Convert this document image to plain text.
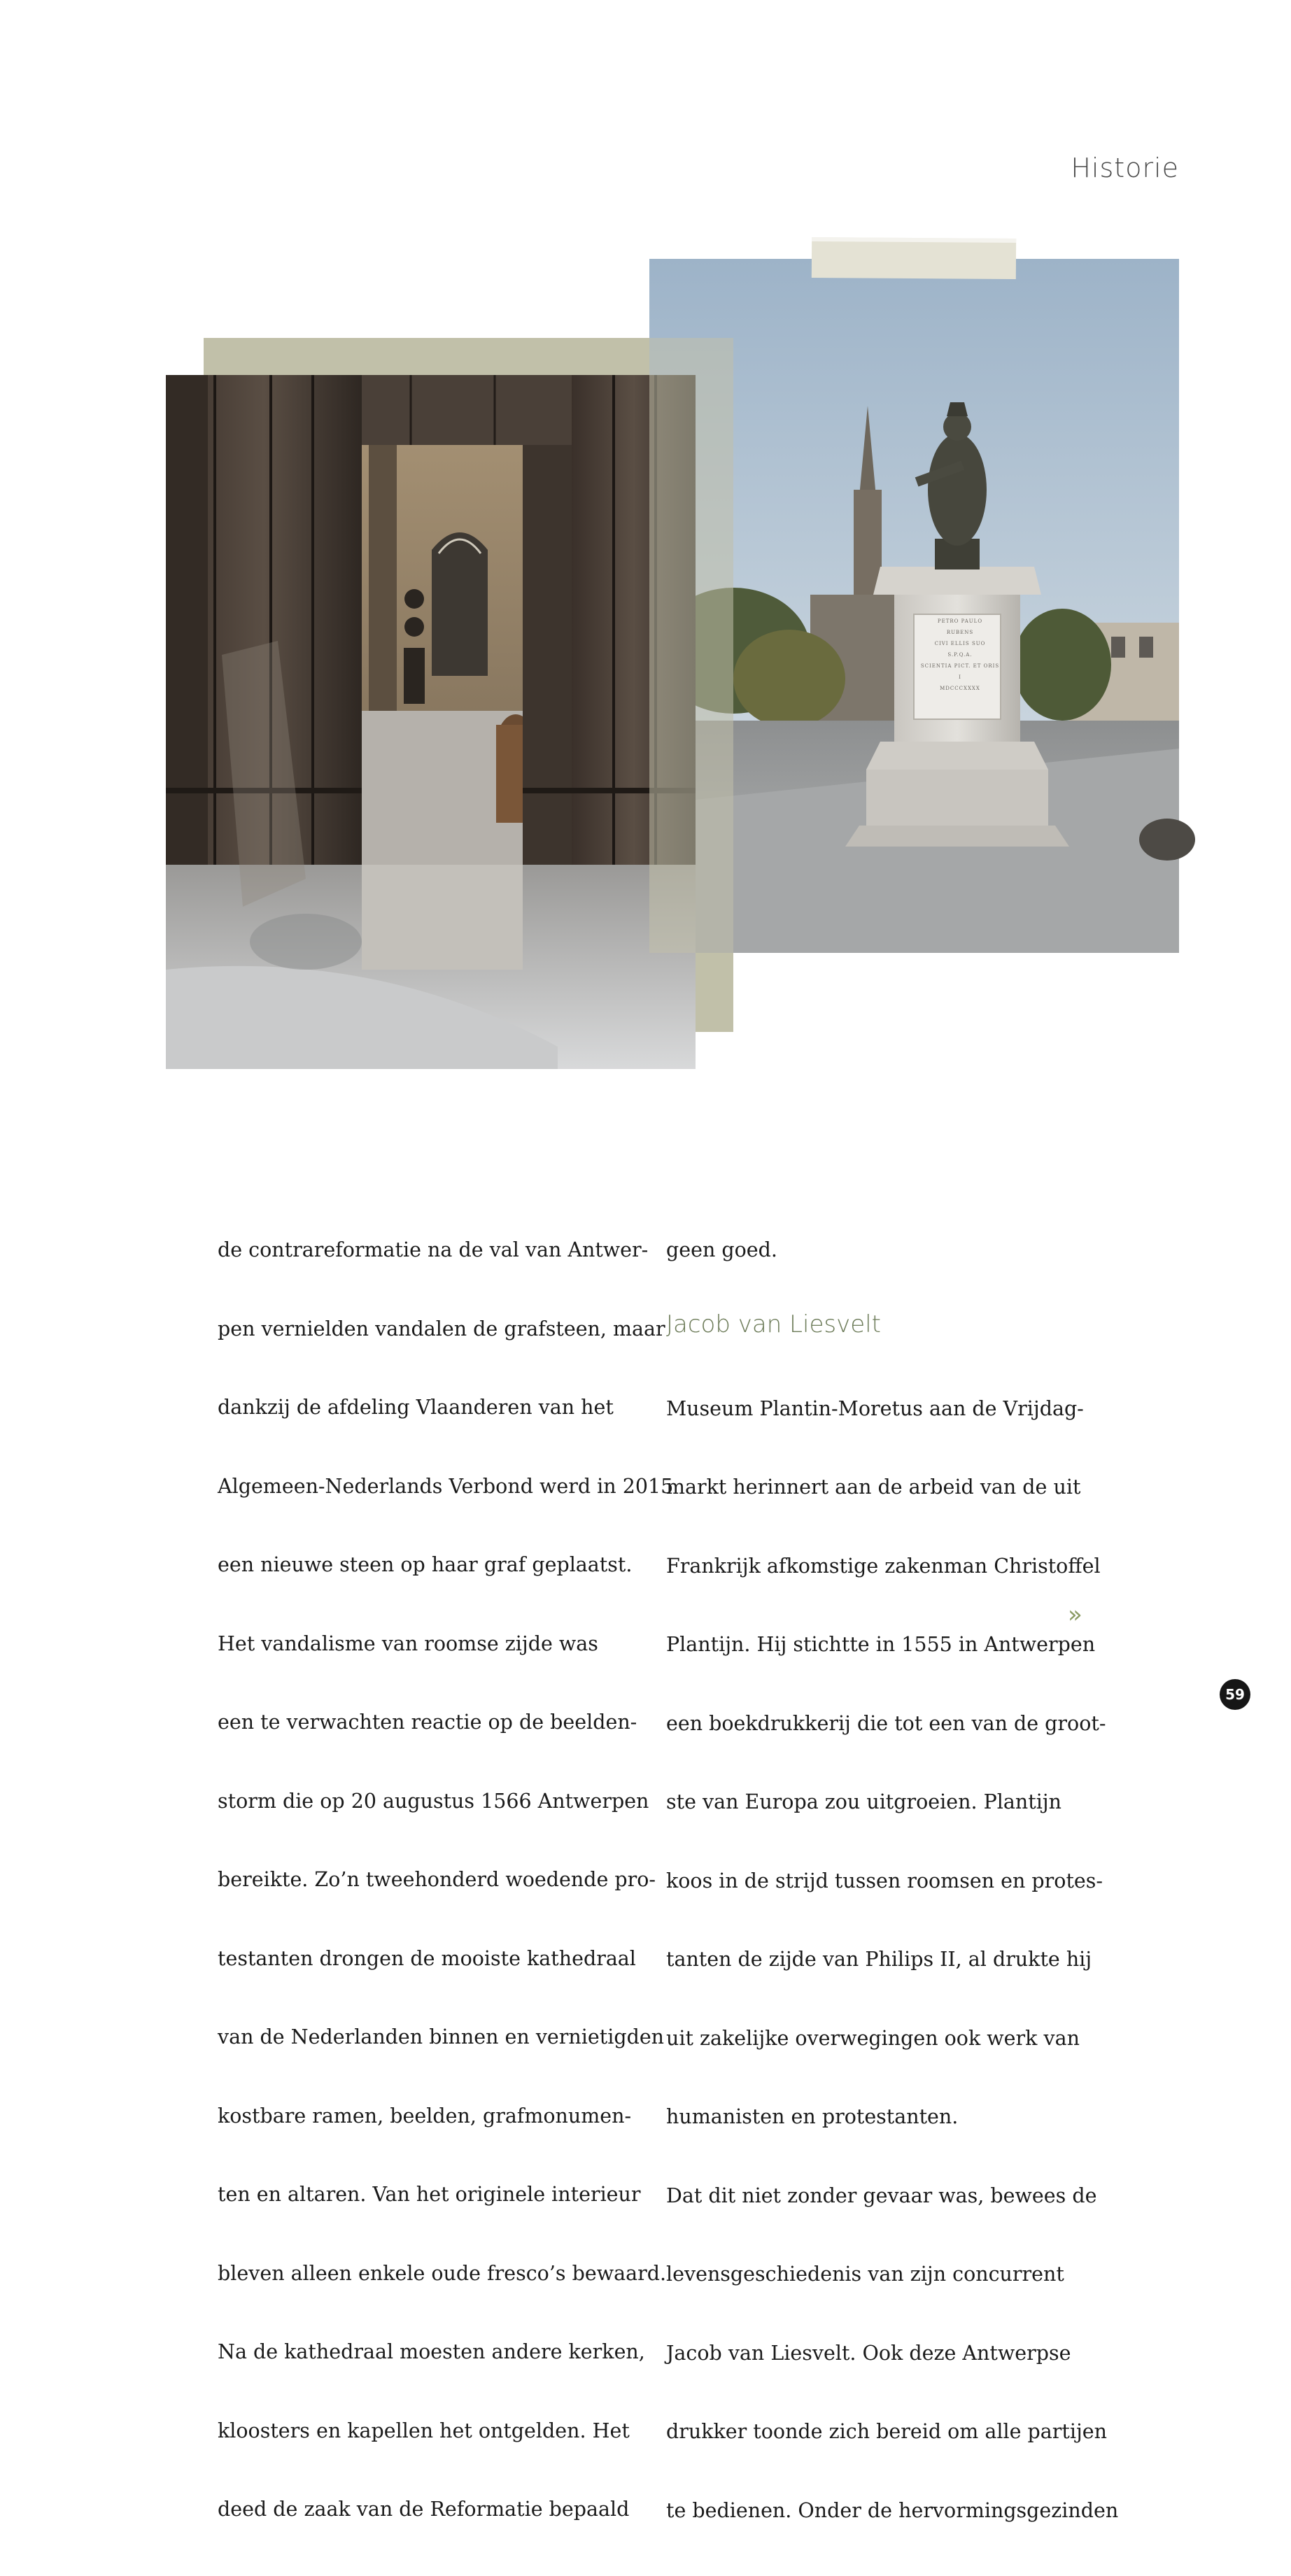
Historie
PETRO PAULO
RUBENS
CIVI ELLIS SUO
S.P.Q.A.
SCIENTIA PICT. ET ORIS
I
MDCCCXXXX

de contrareformatie na de val van Antwer-

pen vernielden vandalen de grafsteen, maar

dankzij de afdeling Vlaanderen van het

Algemeen-Nederlands Verbond werd in 2015

een nieuwe steen op haar graf geplaatst.

Het vandalisme van roomse zijde was

een te verwachten reactie op de beelden-

storm die op 20 augustus 1566 Antwerpen

bereikte. Zo’n tweehonderd woedende pro-

testanten drongen de mooiste kathedraal

van de Nederlanden binnen en vernietigden

kostbare ramen, beelden, grafmonumen-

ten en altaren. Van het originele interieur

bleven alleen enkele oude fresco’s bewaard.

Na de kathedraal moesten andere kerken,

kloosters en kapellen het ontgelden. Het

deed de zaak van de Reformatie bepaald

geen goed.

Jacob van Liesvelt

Museum Plantin-Moretus aan de Vrijdag-

markt herinnert aan de arbeid van de uit

Frankrijk afkomstige zakenman Christoffel

Plantijn. Hij stichtte in 1555 in Antwerpen

een boekdrukkerij die tot een van de groot-

ste van Europa zou uitgroeien. Plantijn

koos in de strijd tussen roomsen en protes-

tanten de zijde van Philips II, al drukte hij

uit zakelijke overwegingen ook werk van

humanisten en protestanten.

Dat dit niet zonder gevaar was, bewees de

levensgeschiedenis van zijn concurrent

Jacob van Liesvelt. Ook deze Antwerpse

drukker toonde zich bereid om alle partijen

te bedienen. Onder de hervormingsgezinden

»
59
